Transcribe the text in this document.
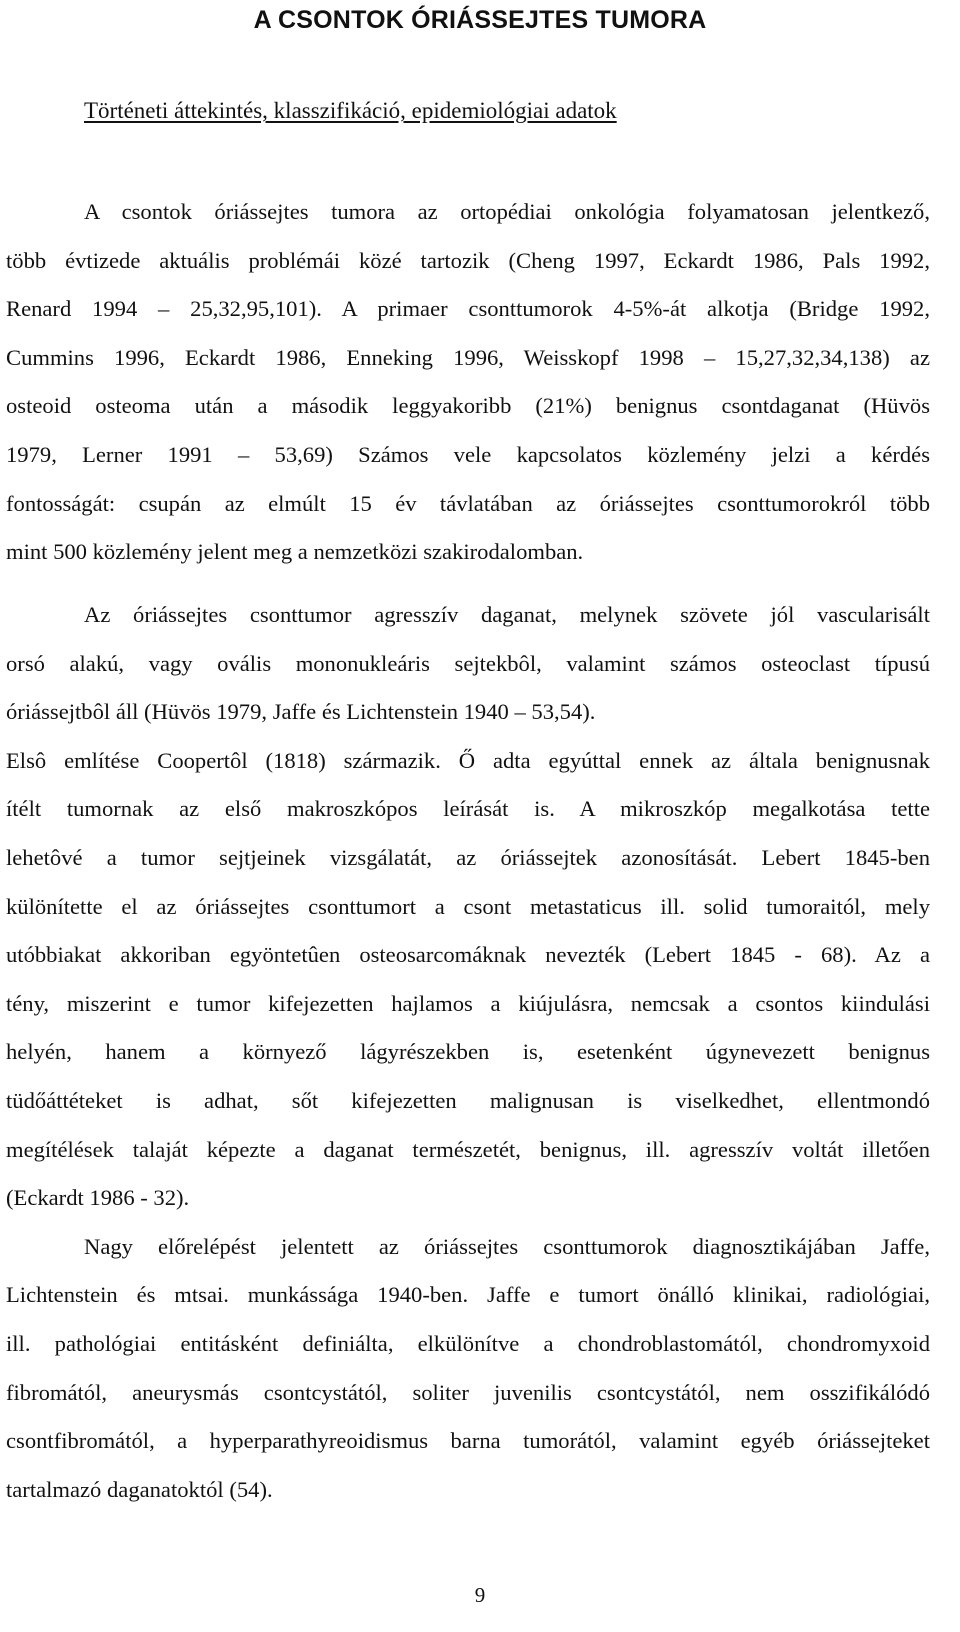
A CSONTOK ÓRIÁSSEJTES TUMORA
Történeti áttekintés, klasszifikáció, epidemiológiai adatok

A csontok óriássejtes tumora az ortopédiai onkológia folyamatosan jelentkező,
több évtizede aktuális problémái közé tartozik (Cheng 1997, Eckardt 1986, Pals 1992,
Renard 1994 – 25,32,95,101). A primaer csonttumorok 4-5%-át alkotja (Bridge 1992,
Cummins 1996, Eckardt 1986, Enneking 1996, Weisskopf 1998 – 15,27,32,34,138) az
osteoid osteoma után a második leggyakoribb (21%) benignus csontdaganat (Hüvös
1979, Lerner 1991 – 53,69) Számos vele kapcsolatos közlemény jelzi a kérdés
fontosságát: csupán az elmúlt 15 év távlatában az óriássejtes csonttumorokról több
mint 500 közlemény jelent meg a nemzetközi szakirodalomban.

Az óriássejtes csonttumor agresszív daganat, melynek szövete jól vascularisált
orsó alakú, vagy ovális mononukleáris sejtekbôl, valamint számos osteoclast típusú
óriássejtbôl áll (Hüvös 1979, Jaffe és Lichtenstein 1940 – 53,54).
Elsô említése Coopertôl (1818) származik. Ő adta egyúttal ennek az általa benignusnak
ítélt tumornak az első makroszkópos leírását is. A mikroszkóp megalkotása tette
lehetôvé a tumor sejtjeinek vizsgálatát, az óriássejtek azonosítását. Lebert 1845-ben
különítette el az óriássejtes csonttumort a csont metastaticus ill. solid tumoraitól, mely
utóbbiakat akkoriban egyöntetûen osteosarcomáknak nevezték (Lebert 1845 - 68). Az a
tény, miszerint e tumor kifejezetten hajlamos a kiújulásra, nemcsak a csontos kiindulási
helyén, hanem a környező lágyrészekben is, esetenként úgynevezett benignus
tüdőáttéteket is adhat, sőt kifejezetten malignusan is viselkedhet, ellentmondó
megítélések talaját képezte a daganat természetét, benignus, ill. agresszív voltát illetően
(Eckardt 1986 - 32).
Nagy előrelépést jelentett az óriássejtes csonttumorok diagnosztikájában Jaffe,
Lichtenstein és mtsai. munkássága 1940-ben. Jaffe e tumort önálló klinikai, radiológiai,
ill. pathológiai entitásként definiálta, elkülönítve a chondroblastomától, chondromyxoid
fibromától, aneurysmás csontcystától, soliter juvenilis csontcystától, nem osszifikálódó
csontfibromától, a hyperparathyreoidismus barna tumorától, valamint egyéb óriássejteket
tartalmazó daganatoktól (54).

9
